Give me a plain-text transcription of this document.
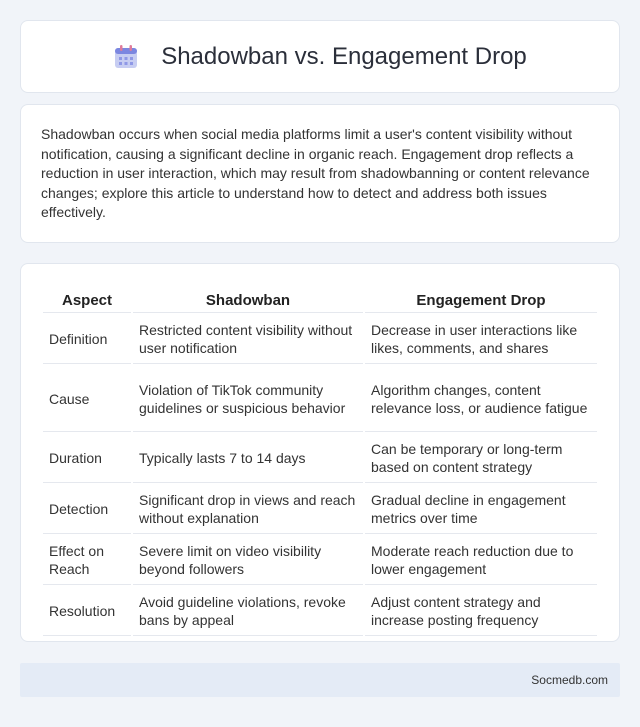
Shadowban vs. Engagement Drop

Shadowban occurs when social media platforms limit a user's content visibility without notification, causing a significant decline in organic reach. Engagement drop reflects a reduction in user interaction, which may result from shadowbanning or content relevance changes; explore this article to understand how to detect and address both issues effectively.

Aspect	Shadowban	Engagement Drop
Definition	Restricted content visibility without user notification	Decrease in user interactions like likes, comments, and shares
Cause	Violation of TikTok community guidelines or suspicious behavior	Algorithm changes, content relevance loss, or audience fatigue
Duration	Typically lasts 7 to 14 days	Can be temporary or long-term based on content strategy
Detection	Significant drop in views and reach without explanation	Gradual decline in engagement metrics over time
Effect on Reach	Severe limit on video visibility beyond followers	Moderate reach reduction due to lower engagement
Resolution	Avoid guideline violations, revoke bans by appeal	Adjust content strategy and increase posting frequency
Socmedb.com
